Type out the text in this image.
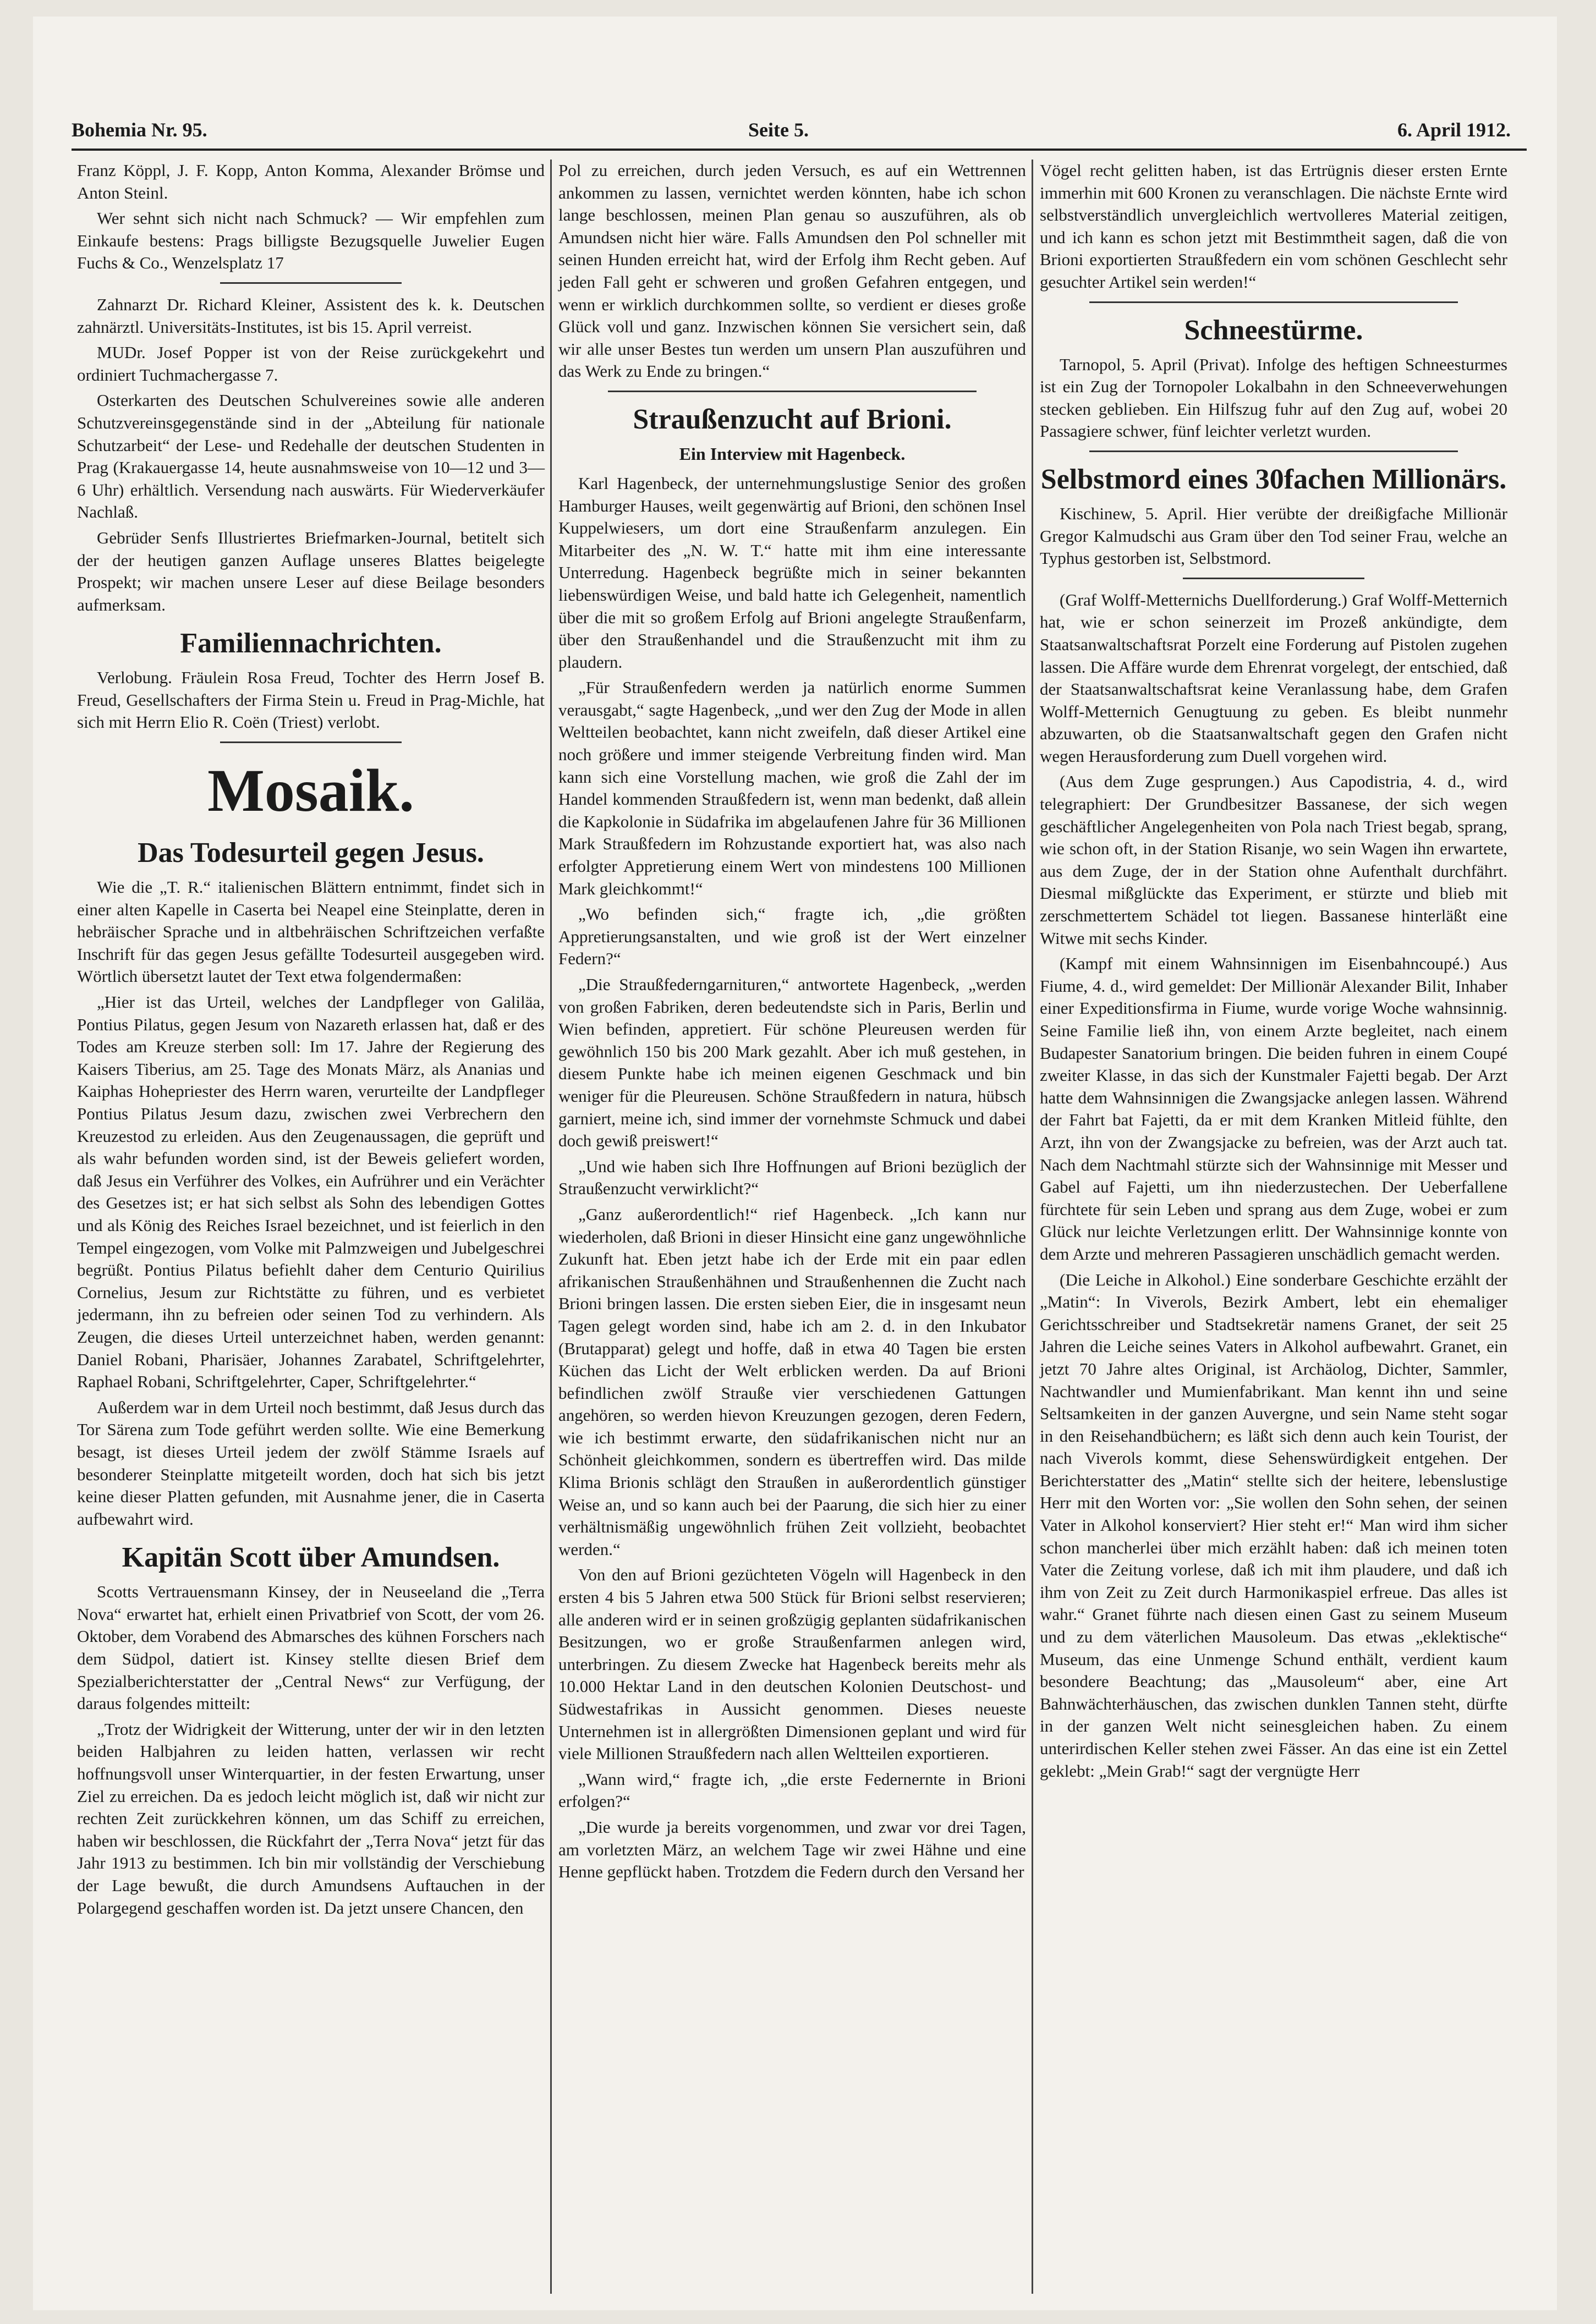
Bohemia Nr. 95.	Seite 5.	6. April 1912.

Franz Köppl, J. F. Kopp, Anton Komma, Alexander Brömse und Anton Steinl.

Wer sehnt sich nicht nach Schmuck? — Wir empfehlen zum Einkaufe bestens: Prags billigste Bezugsquelle Juwelier Eugen Fuchs & Co., Wenzelsplatz 17

Zahnarzt Dr. Richard Kleiner, Assistent des k. k. Deutschen zahnärztl. Universitäts-Institutes, ist bis 15. April verreist.

MUDr. Josef Popper ist von der Reise zurückgekehrt und ordiniert Tuchmachergasse 7.

Osterkarten des Deutschen Schulvereines sowie alle anderen Schutzvereinsgegenstände sind in der „Abteilung für nationale Schutzarbeit“ der Lese- und Redehalle der deutschen Studenten in Prag (Krakauergasse 14, heute ausnahmsweise von 10—12 und 3—6 Uhr) erhältlich. Versendung nach auswärts. Für Wiederverkäufer Nachlaß.

Gebrüder Senfs Illustriertes Briefmarken-Journal, betitelt sich der der heutigen ganzen Auflage unseres Blattes beigelegte Prospekt; wir machen unsere Leser auf diese Beilage besonders aufmerksam.

Familiennachrichten.

Verlobung. Fräulein Rosa Freud, Tochter des Herrn Josef B. Freud, Gesellschafters der Firma Stein u. Freud in Prag-Michle, hat sich mit Herrn Elio R. Coën (Triest) verlobt.

Mosaik.
Das Todesurteil gegen Jesus.

Wie die „T. R.“ italienischen Blättern entnimmt, findet sich in einer alten Kapelle in Caserta bei Neapel eine Steinplatte, deren in hebräischer Sprache und in altbehräischen Schriftzeichen verfaßte Inschrift für das gegen Jesus gefällte Todesurteil ausgegeben wird. Wörtlich übersetzt lautet der Text etwa folgendermaßen:

„Hier ist das Urteil, welches der Landpfleger von Galiläa, Pontius Pilatus, gegen Jesum von Nazareth erlassen hat, daß er des Todes am Kreuze sterben soll: Im 17. Jahre der Regierung des Kaisers Tiberius, am 25. Tage des Monats März, als Ananias und Kaiphas Hohepriester des Herrn waren, verurteilte der Landpfleger Pontius Pilatus Jesum dazu, zwischen zwei Verbrechern den Kreuzestod zu erleiden. Aus den Zeugenaussagen, die geprüft und als wahr befunden worden sind, ist der Beweis geliefert worden, daß Jesus ein Verführer des Volkes, ein Aufrührer und ein Verächter des Gesetzes ist; er hat sich selbst als Sohn des lebendigen Gottes und als König des Reiches Israel bezeichnet, und ist feierlich in den Tempel eingezogen, vom Volke mit Palmzweigen und Jubelgeschrei begrüßt. Pontius Pilatus befiehlt daher dem Centurio Quirilius Cornelius, Jesum zur Richtstätte zu führen, und es verbietet jedermann, ihn zu befreien oder seinen Tod zu verhindern. Als Zeugen, die dieses Urteil unterzeichnet haben, werden genannt: Daniel Robani, Pharisäer, Johannes Zarabatel, Schriftgelehrter, Raphael Robani, Schriftgelehrter, Caper, Schriftgelehrter.“

Außerdem war in dem Urteil noch bestimmt, daß Jesus durch das Tor Särena zum Tode geführt werden sollte. Wie eine Bemerkung besagt, ist dieses Urteil jedem der zwölf Stämme Israels auf besonderer Steinplatte mitgeteilt worden, doch hat sich bis jetzt keine dieser Platten gefunden, mit Ausnahme jener, die in Caserta aufbewahrt wird.

Kapitän Scott über Amundsen.

Scotts Vertrauensmann Kinsey, der in Neuseeland die „Terra Nova“ erwartet hat, erhielt einen Privatbrief von Scott, der vom 26. Oktober, dem Vorabend des Abmarsches des kühnen Forschers nach dem Südpol, datiert ist. Kinsey stellte diesen Brief dem Spezialberichterstatter der „Central News“ zur Verfügung, der daraus folgendes mitteilt:

„Trotz der Widrigkeit der Witterung, unter der wir in den letzten beiden Halbjahren zu leiden hatten, verlassen wir recht hoffnungsvoll unser Winterquartier, in der festen Erwartung, unser Ziel zu erreichen. Da es jedoch leicht möglich ist, daß wir nicht zur rechten Zeit zurückkehren können, um das Schiff zu erreichen, haben wir beschlossen, die Rückfahrt der „Terra Nova“ jetzt für das Jahr 1913 zu bestimmen. Ich bin mir vollständig der Verschiebung der Lage bewußt, die durch Amundsens Auftauchen in der Polargegend geschaffen worden ist. Da jetzt unsere Chancen, den

Pol zu erreichen, durch jeden Versuch, es auf ein Wettrennen ankommen zu lassen, vernichtet werden könnten, habe ich schon lange beschlossen, meinen Plan genau so auszuführen, als ob Amundsen nicht hier wäre. Falls Amundsen den Pol schneller mit seinen Hunden erreicht hat, wird der Erfolg ihm Recht geben. Auf jeden Fall geht er schweren und großen Gefahren entgegen, und wenn er wirklich durchkommen sollte, so verdient er dieses große Glück voll und ganz. Inzwischen können Sie versichert sein, daß wir alle unser Bestes tun werden um unsern Plan auszuführen und das Werk zu Ende zu bringen.“

Straußenzucht auf Brioni.
Ein Interview mit Hagenbeck.

Karl Hagenbeck, der unternehmungslustige Senior des großen Hamburger Hauses, weilt gegenwärtig auf Brioni, den schönen Insel Kuppelwiesers, um dort eine Straußenfarm anzulegen. Ein Mitarbeiter des „N. W. T.“ hatte mit ihm eine interessante Unterredung. Hagenbeck begrüßte mich in seiner bekannten liebenswürdigen Weise, und bald hatte ich Gelegenheit, namentlich über die mit so großem Erfolg auf Brioni angelegte Straußenfarm, über den Straußenhandel und die Straußenzucht mit ihm zu plaudern.

„Für Straußenfedern werden ja natürlich enorme Summen verausgabt,“ sagte Hagenbeck, „und wer den Zug der Mode in allen Weltteilen beobachtet, kann nicht zweifeln, daß dieser Artikel eine noch größere und immer steigende Verbreitung finden wird. Man kann sich eine Vorstellung machen, wie groß die Zahl der im Handel kommenden Straußfedern ist, wenn man bedenkt, daß allein die Kapkolonie in Südafrika im abgelaufenen Jahre für 36 Millionen Mark Straußfedern im Rohzustande exportiert hat, was also nach erfolgter Appretierung einem Wert von mindestens 100 Millionen Mark gleichkommt!“

„Wo befinden sich,“ fragte ich, „die größten Appretierungsanstalten, und wie groß ist der Wert einzelner Federn?“

„Die Straußfederngarnituren,“ antwortete Hagenbeck, „werden von großen Fabriken, deren bedeutendste sich in Paris, Berlin und Wien befinden, appretiert. Für schöne Pleureusen werden für gewöhnlich 150 bis 200 Mark gezahlt. Aber ich muß gestehen, in diesem Punkte habe ich meinen eigenen Geschmack und bin weniger für die Pleureusen. Schöne Straußfedern in natura, hübsch garniert, meine ich, sind immer der vornehmste Schmuck und dabei doch gewiß preiswert!“

„Und wie haben sich Ihre Hoffnungen auf Brioni bezüglich der Straußenzucht verwirklicht?“

„Ganz außerordentlich!“ rief Hagenbeck. „Ich kann nur wiederholen, daß Brioni in dieser Hinsicht eine ganz ungewöhnliche Zukunft hat. Eben jetzt habe ich der Erde mit ein paar edlen afrikanischen Straußenhähnen und Straußenhennen die Zucht nach Brioni bringen lassen. Die ersten sieben Eier, die in insgesamt neun Tagen gelegt worden sind, habe ich am 2. d. in den Inkubator (Brutapparat) gelegt und hoffe, daß in etwa 40 Tagen bie ersten Küchen das Licht der Welt erblicken werden. Da auf Brioni befindlichen zwölf Strauße vier verschiedenen Gattungen angehören, so werden hievon Kreuzungen gezogen, deren Federn, wie ich bestimmt erwarte, den südafrikanischen nicht nur an Schönheit gleichkommen, sondern es übertreffen wird. Das milde Klima Brionis schlägt den Straußen in außerordentlich günstiger Weise an, und so kann auch bei der Paarung, die sich hier zu einer verhältnismäßig ungewöhnlich frühen Zeit vollzieht, beobachtet werden.“

Von den auf Brioni gezüchteten Vögeln will Hagenbeck in den ersten 4 bis 5 Jahren etwa 500 Stück für Brioni selbst reservieren; alle anderen wird er in seinen großzügig geplanten südafrikanischen Besitzungen, wo er große Straußenfarmen anlegen wird, unterbringen. Zu diesem Zwecke hat Hagenbeck bereits mehr als 10.000 Hektar Land in den deutschen Kolonien Deutschost- und Südwestafrikas in Aussicht genommen. Dieses neueste Unternehmen ist in allergrößten Dimensionen geplant und wird für viele Millionen Straußfedern nach allen Weltteilen exportieren.

„Wann wird,“ fragte ich, „die erste Federnernte in Brioni erfolgen?“

„Die wurde ja bereits vorgenommen, und zwar vor drei Tagen, am vorletzten März, an welchem Tage wir zwei Hähne und eine Henne gepflückt haben. Trotzdem die Federn durch den Versand her

Vögel recht gelitten haben, ist das Ertrügnis dieser ersten Ernte immerhin mit 600 Kronen zu veranschlagen. Die nächste Ernte wird selbstverständlich unvergleichlich wertvolleres Material zeitigen, und ich kann es schon jetzt mit Bestimmtheit sagen, daß die von Brioni exportierten Straußfedern ein vom schönen Geschlecht sehr gesuchter Artikel sein werden!“

Schneestürme.

Tarnopol, 5. April (Privat). Infolge des heftigen Schneesturmes ist ein Zug der Tornopoler Lokalbahn in den Schneeverwehungen stecken geblieben. Ein Hilfszug fuhr auf den Zug auf, wobei 20 Passagiere schwer, fünf leichter verletzt wurden.

Selbstmord eines 30fachen Millionärs.

Kischinew, 5. April. Hier verübte der dreißigfache Millionär Gregor Kalmudschi aus Gram über den Tod seiner Frau, welche an Typhus gestorben ist, Selbstmord.

(Graf Wolff-Metternichs Duellforderung.) Graf Wolff-Metternich hat, wie er schon seinerzeit im Prozeß ankündigte, dem Staatsanwaltschaftsrat Porzelt eine Forderung auf Pistolen zugehen lassen. Die Affäre wurde dem Ehrenrat vorgelegt, der entschied, daß der Staatsanwaltschaftsrat keine Veranlassung habe, dem Grafen Wolff-Metternich Genugtuung zu geben. Es bleibt nunmehr abzuwarten, ob die Staatsanwaltschaft gegen den Grafen nicht wegen Herausforderung zum Duell vorgehen wird.

(Aus dem Zuge gesprungen.) Aus Capodistria, 4. d., wird telegraphiert: Der Grundbesitzer Bassanese, der sich wegen geschäftlicher Angelegenheiten von Pola nach Triest begab, sprang, wie schon oft, in der Station Risanje, wo sein Wagen ihn erwartete, aus dem Zuge, der in der Station ohne Aufenthalt durchfährt. Diesmal mißglückte das Experiment, er stürzte und blieb mit zerschmettertem Schädel tot liegen. Bassanese hinterläßt eine Witwe mit sechs Kinder.

(Kampf mit einem Wahnsinnigen im Eisenbahncoupé.) Aus Fiume, 4. d., wird gemeldet: Der Millionär Alexander Bilit, Inhaber einer Expeditionsfirma in Fiume, wurde vorige Woche wahnsinnig. Seine Familie ließ ihn, von einem Arzte begleitet, nach einem Budapester Sanatorium bringen. Die beiden fuhren in einem Coupé zweiter Klasse, in das sich der Kunstmaler Fajetti begab. Der Arzt hatte dem Wahnsinnigen die Zwangsjacke anlegen lassen. Während der Fahrt bat Fajetti, da er mit dem Kranken Mitleid fühlte, den Arzt, ihn von der Zwangsjacke zu befreien, was der Arzt auch tat. Nach dem Nachtmahl stürzte sich der Wahnsinnige mit Messer und Gabel auf Fajetti, um ihn niederzustechen. Der Ueberfallene fürchtete für sein Leben und sprang aus dem Zuge, wobei er zum Glück nur leichte Verletzungen erlitt. Der Wahnsinnige konnte von dem Arzte und mehreren Passagieren unschädlich gemacht werden.

(Die Leiche in Alkohol.) Eine sonderbare Geschichte erzählt der „Matin“: In Viverols, Bezirk Ambert, lebt ein ehemaliger Gerichtsschreiber und Stadtsekretär namens Granet, der seit 25 Jahren die Leiche seines Vaters in Alkohol aufbewahrt. Granet, ein jetzt 70 Jahre altes Original, ist Archäolog, Dichter, Sammler, Nachtwandler und Mumienfabrikant. Man kennt ihn und seine Seltsamkeiten in der ganzen Auvergne, und sein Name steht sogar in den Reisehandbüchern; es läßt sich denn auch kein Tourist, der nach Viverols kommt, diese Sehenswürdigkeit entgehen. Der Berichterstatter des „Matin“ stellte sich der heitere, lebenslustige Herr mit den Worten vor: „Sie wollen den Sohn sehen, der seinen Vater in Alkohol konserviert? Hier steht er!“ Man wird ihm sicher schon mancherlei über mich erzählt haben: daß ich meinen toten Vater die Zeitung vorlese, daß ich mit ihm plaudere, und daß ich ihm von Zeit zu Zeit durch Harmonikaspiel erfreue. Das alles ist wahr.“ Granet führte nach diesen einen Gast zu seinem Museum und zu dem väterlichen Mausoleum. Das etwas „eklektische“ Museum, das eine Unmenge Schund enthält, verdient kaum besondere Beachtung; das „Mausoleum“ aber, eine Art Bahnwächterhäuschen, das zwischen dunklen Tannen steht, dürfte in der ganzen Welt nicht seinesgleichen haben. Zu einem unterirdischen Keller stehen zwei Fässer. An das eine ist ein Zettel geklebt: „Mein Grab!“ sagt der vergnügte Herr
